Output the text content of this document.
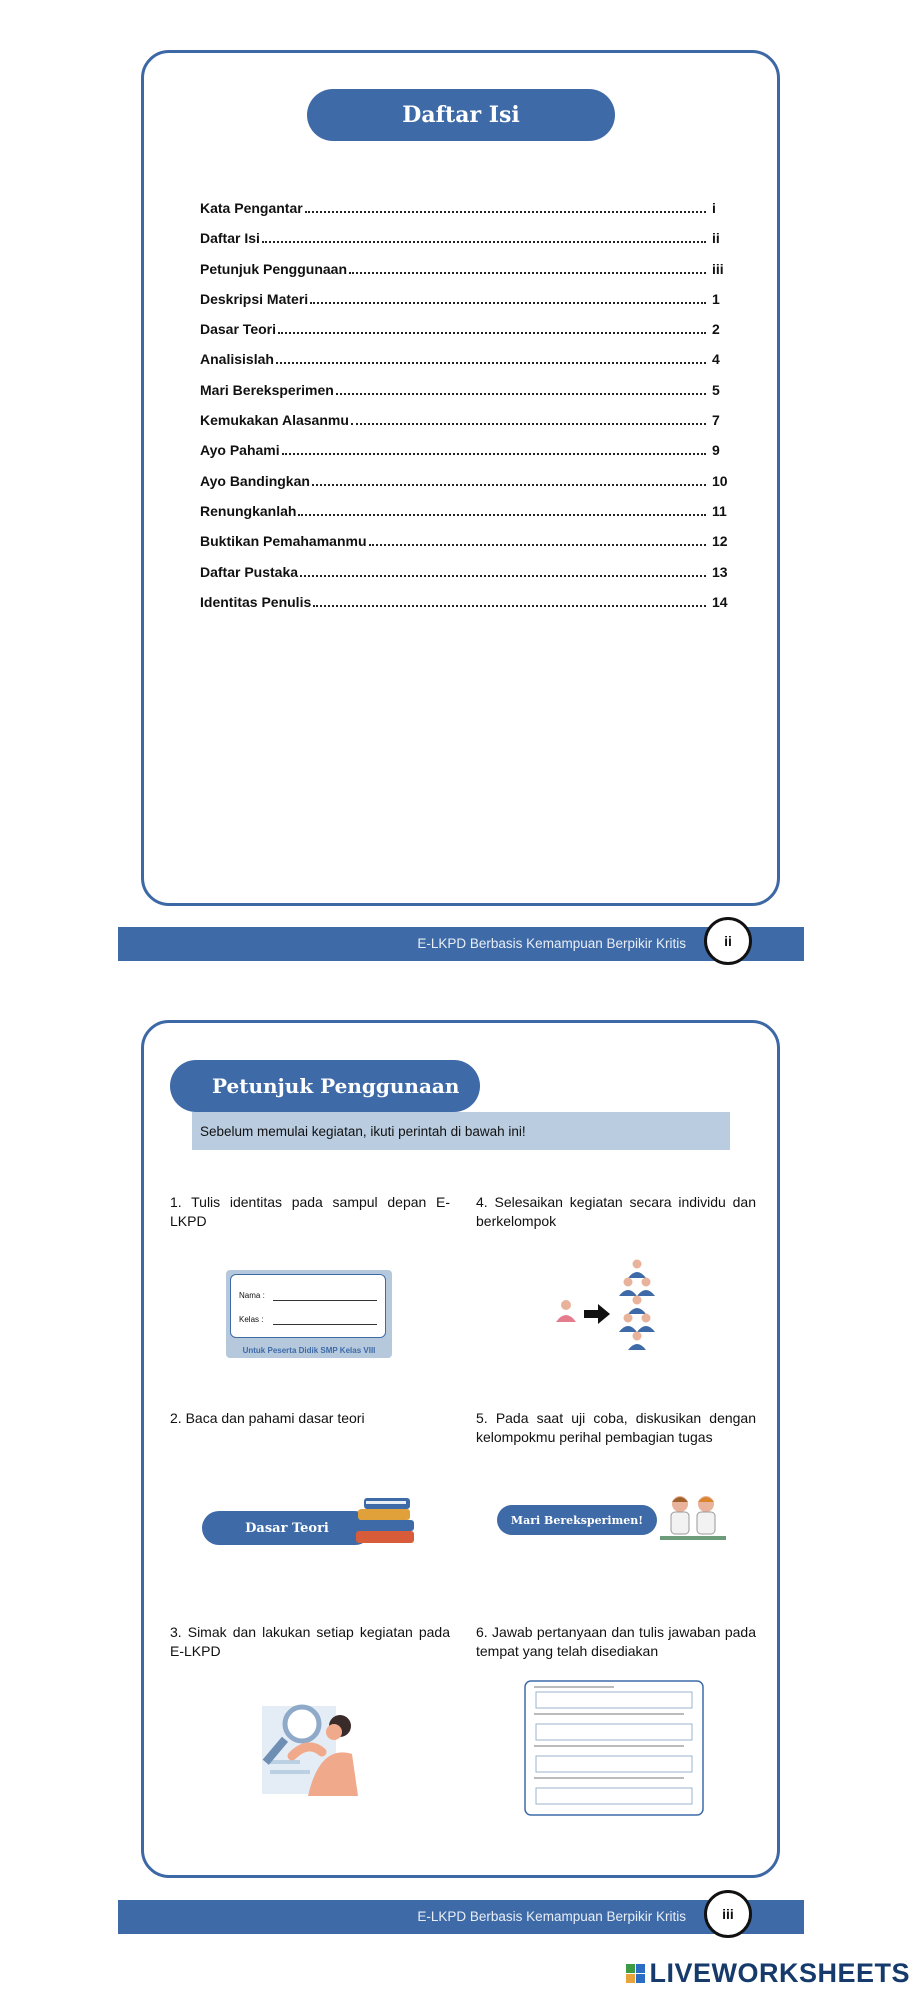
Daftar Isi
Kata Pengantar	i
Daftar Isi	ii
Petunjuk Penggunaan	iii
Deskripsi Materi	1
Dasar Teori	2
Analisislah	4
Mari Bereksperimen	5
Kemukakan Alasanmu	7
Ayo Pahami	9
Ayo Bandingkan	10
Renungkanlah	11
Buktikan Pemahamanmu	12
Daftar Pustaka	13
Identitas Penulis	14
E-LKPD Berbasis Kemampuan Berpikir Kritis	ii
Petunjuk Penggunaan
Sebelum memulai kegiatan, ikuti perintah di bawah ini!
1. Tulis identitas pada sampul depan E-LKPD
4. Selesaikan kegiatan secara individu dan berkelompok
2. Baca dan pahami dasar teori	5. Pada saat uji coba, diskusikan dengan kelompokmu perihal pembagian tugas
3. Simak dan lakukan setiap kegiatan pada E-LKPD
6. Jawab pertanyaan dan tulis jawaban pada tempat yang telah disediakan
Nama :
Kelas :
Untuk Peserta Didik SMP Kelas VIII
Dasar Teori
Mari Bereksperimen!
E-LKPD Berbasis Kemampuan Berpikir Kritis	iii
LIVEWORKSHEETS
